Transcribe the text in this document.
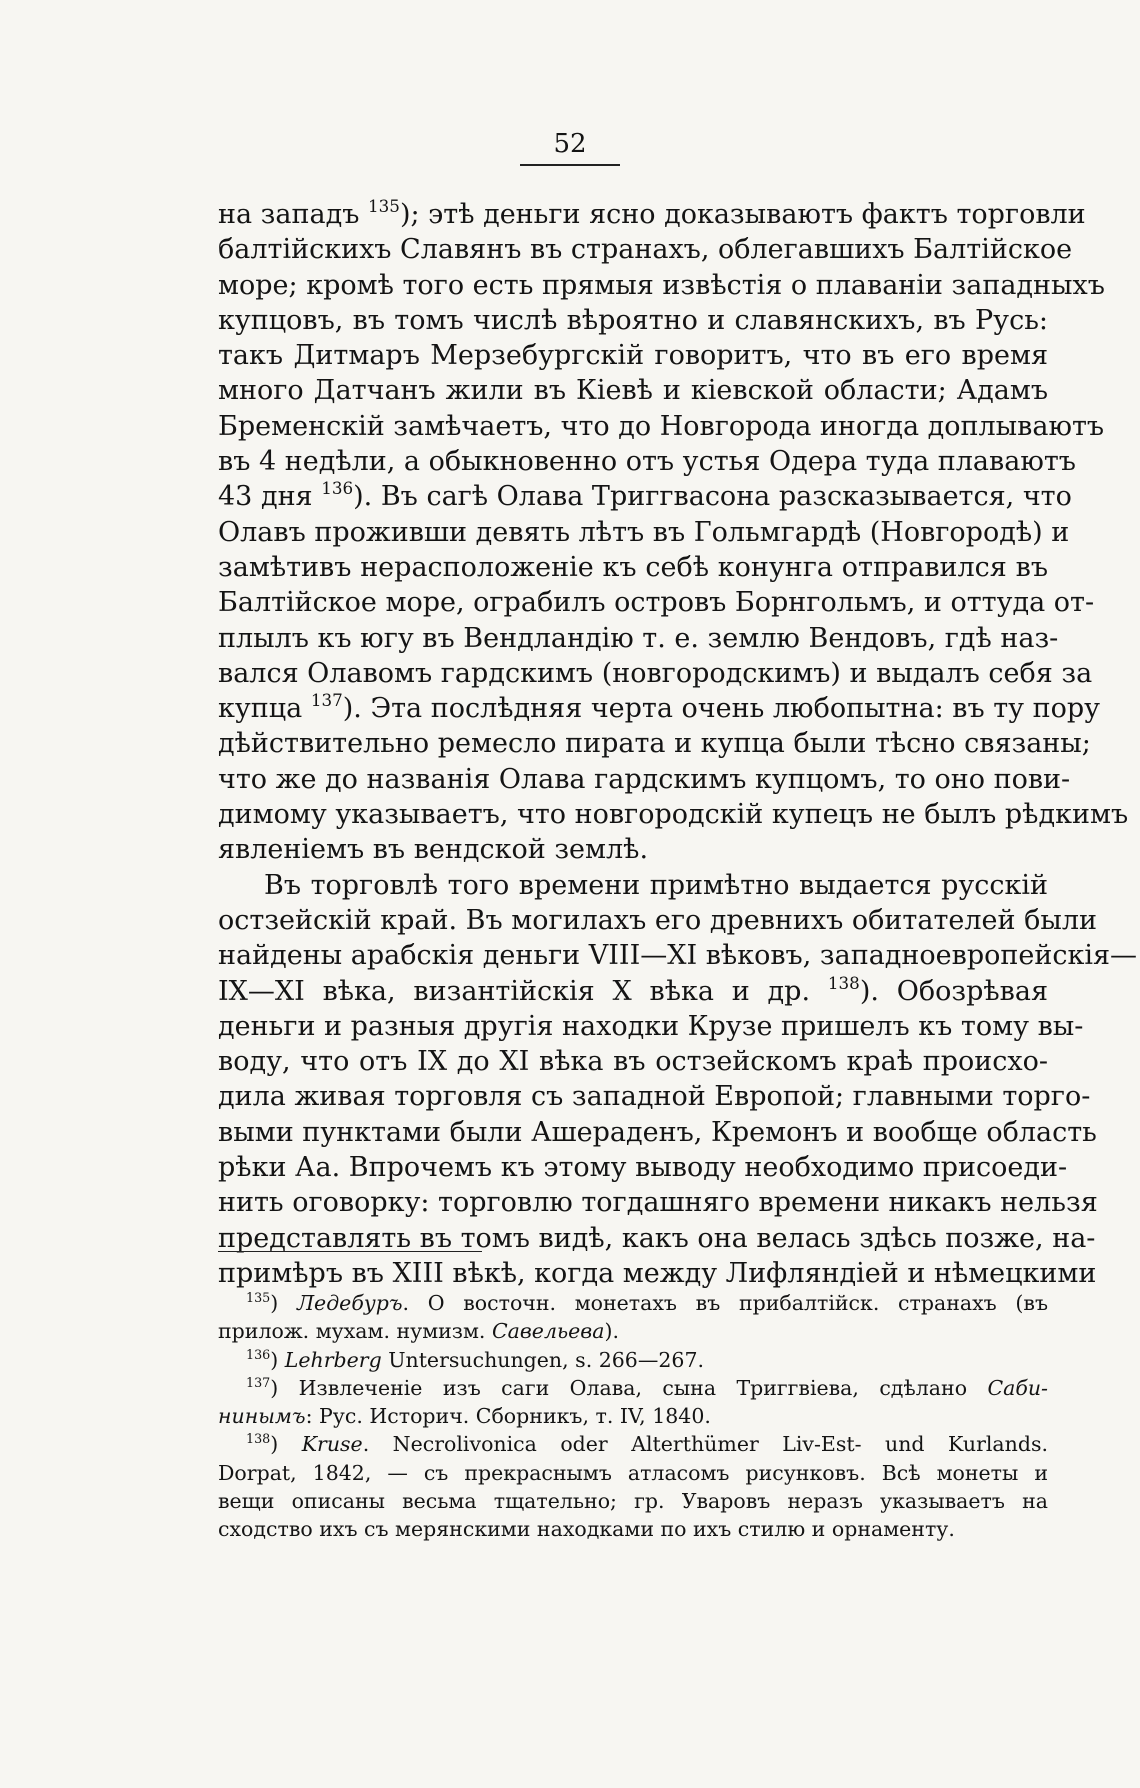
52
на западъ $^{135}$); этѣ деньги ясно доказываютъ фактъ торговли
балтійскихъ Славянъ въ странахъ, облегавшихъ Балтійское
море; кромѣ того есть прямыя извѣстія о плаваніи западныхъ
купцовъ, въ томъ числѣ вѣроятно и славянскихъ, въ Русь:
такъ Дитмаръ Мерзебургскій говоритъ, что въ его время
много Датчанъ жили въ Кіевѣ и кіевской области; Адамъ
Бременскій замѣчаетъ, что до Новгорода иногда доплываютъ
въ 4 недѣли, а обыкновенно отъ устья Одера туда плаваютъ
43 дня $^{136}$). Въ сагѣ Олава Триггвасона разсказывается, что
Олавъ проживши девять лѣтъ въ Гольмгардѣ (Новгородѣ) и
замѣтивъ нерасположеніе къ себѣ конунга отправился въ
Балтійское море, ограбилъ островъ Борнгольмъ, и оттуда от-
плылъ къ югу въ Вендландію т. е. землю Вендовъ, гдѣ наз-
вался Олавомъ гардскимъ (новгородскимъ) и выдалъ себя за
купца $^{137}$). Эта послѣдняя черта очень любопытна: въ ту пору
дѣйствительно ремесло пирата и купца были тѣсно связаны;
что же до названія Олава гардскимъ купцомъ, то оно пови-
димому указываетъ, что новгородскій купецъ не былъ рѣдкимъ
явленіемъ въ вендской землѣ.
Въ торговлѣ того времени примѣтно выдается русскій
остзейскій край. Въ могилахъ его древнихъ обитателей были
найдены арабскія деньги VIII—XI вѣковъ, западноевропейскія—
IX—XI вѣка, византійскія X вѣка и др. $^{138}$). Обозрѣвая
деньги и разныя другія находки Крузе пришелъ къ тому вы-
воду, что отъ IX до XI вѣка въ остзейскомъ краѣ происхо-
дила живая торговля съ западной Европой; главными торго-
выми пунктами были Ашераденъ, Кремонъ и вообще область
рѣки Аа. Впрочемъ къ этому выводу необходимо присоеди-
нить оговорку: торговлю тогдашняго времени никакъ нельзя
представлять въ томъ видѣ, какъ она велась здѣсь позже, на-
примѣръ въ XIII вѣкѣ, когда между Лифляндіей и нѣмецкими
$^{135}$) Ледебуръ. О восточн. монетахъ въ прибалтійск. странахъ (въ
прилож. мухам. нумизм. Савельева).
$^{136}$) Lehrberg Untersuchungen, s. 266—267.
$^{137}$) Извлеченіе изъ саги Олава, сына Триггвіева, сдѣлано Саби-
нинымъ: Рус. Историч. Сборникъ, т. IV, 1840.
$^{138}$) Kruse. Necrolivonica oder Alterthümer Liv-Est- und Kurlands.
Dorpat, 1842, — съ прекраснымъ атласомъ рисунковъ. Всѣ монеты и
вещи описаны весьма тщательно; гр. Уваровъ неразъ указываетъ на
сходство ихъ съ мерянскими находками по ихъ стилю и орнаменту.
